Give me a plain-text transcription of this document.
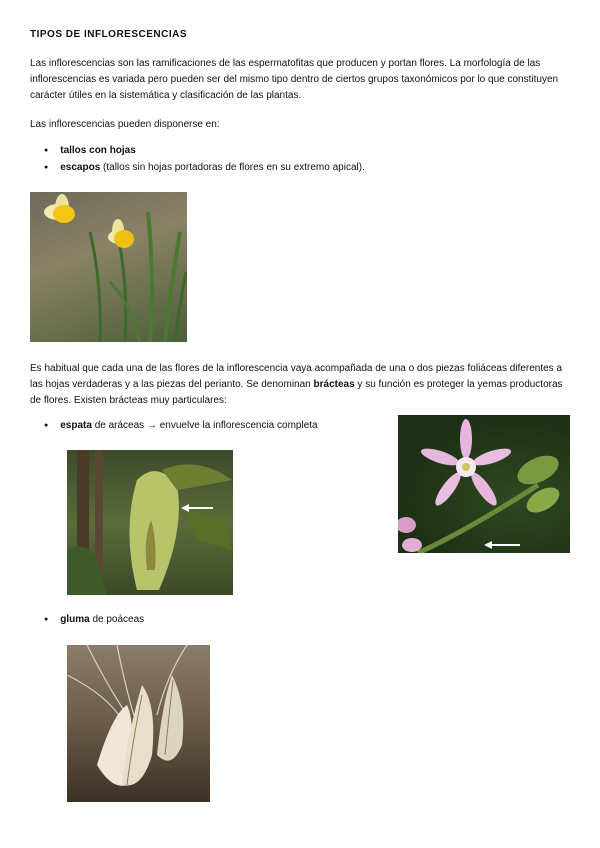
TIPOS DE INFLORESCENCIAS
Las inflorescencias son las ramificaciones de las espermatofitas que producen y portan flores. La morfología de las inflorescencias es variada pero pueden ser del mismo tipo dentro de ciertos grupos taxonómicos por lo que constituyen carácter útiles en la sistemática y clasificación de las plantas.
Las inflorescencias pueden disponerse en:
● tallos con hojas
● escapos (tallos sin hojas portadoras de flores en su extremo apical).
Es habitual que cada una de las flores de la inflorescencia vaya acompañada de una o dos piezas foliáceas diferentes a las hojas verdaderas y a las piezas del perianto. Se denominan brácteas y su función es proteger la yemas productoras de flores. Existen brácteas muy particulares:
● espata de aráceas → envuelve la inflorescencia completa
● gluma de poáceas
